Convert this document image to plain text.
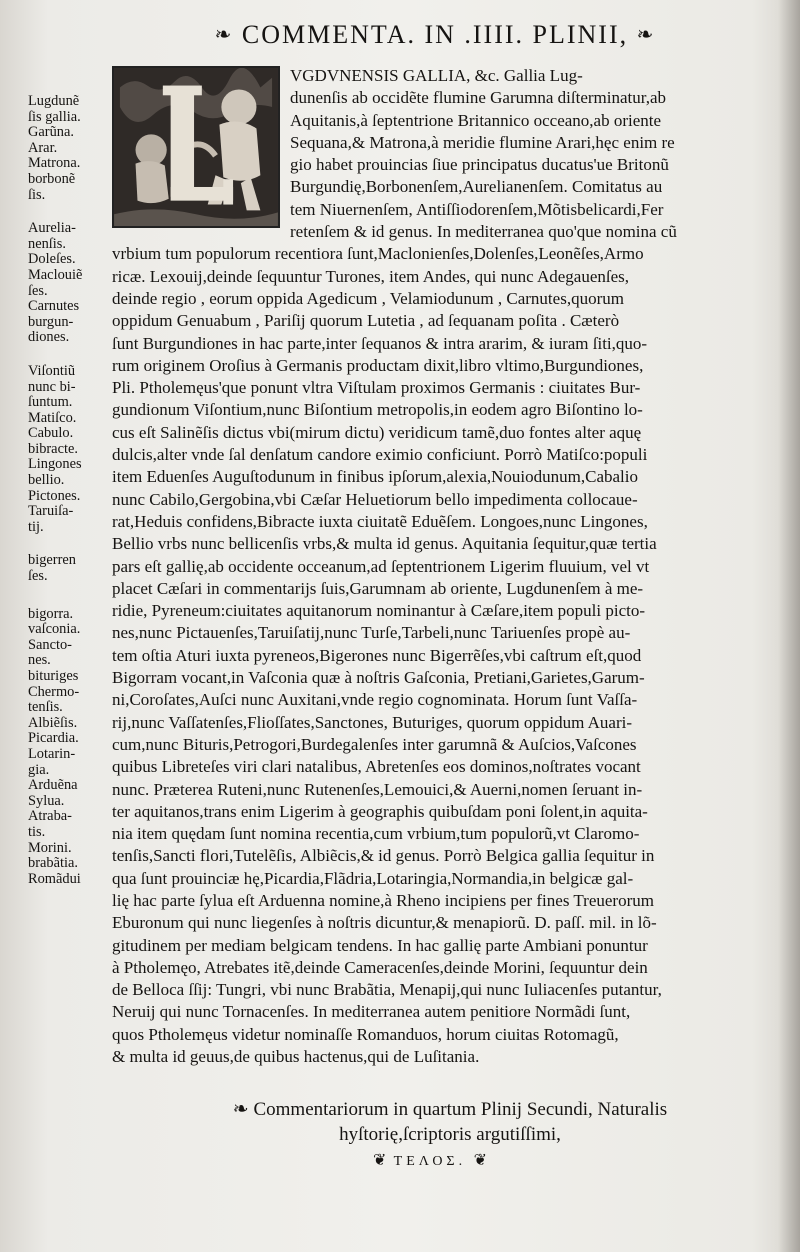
❧ COMMENTA. IN .IIII. PLINII, ❧
Lugdunẽ
ſis gallia.
Garũna.
Arar.
Matrona.
borbonẽ
ſis.
Aurelia-
nenſis.
Doleſes.
Maclouiẽ
ſes.
Carnutes
burgun-
diones.
Viſontiũ
nunc bi-
ſuntum.
Matiſco.
Cabulo.
bibracte.
Lingones
bellio.
Pictones.
Taruiſa-
tij.
bigerren
ſes.
bigorra.
vaſconia.
Sancto-
nes.
bituriges
Chermo-
tenſis.
Albiẽſis.
Picardia.
Lotarin-
gia.
Arduẽna
Sylua.
Atraba-
tis.
Morini.
brabãtia.
Romãdui
VGDVNENSIS GALLIA, &c. Gallia Lug-
dunenſis ab occidẽte flumine Garumna diſterminatur,ab
Aquitanis,à ſeptentrione Britannico occeano,ab oriente
Sequana,& Matrona,à meridie flumine Arari,hęc enim re
gio habet prouincias ſiue principatus ducatus'ue Britonũ
Burgundię,Borbonenſem,Aurelianenſem. Comitatus au
tem Niuernenſem, Antiſſiodorenſem,Mõtisbelicardi,Fer
retenſem & id genus. In mediterranea quo'que nomina cũ
vrbium tum populorum recentiora ſunt,Maclonienſes,Dolenſes,Leonẽſes,Armo
ricæ. Lexouij,deinde ſequuntur Turones, item Andes, qui nunc Adegauenſes,
deinde regio , eorum oppida Agedicum , Velamiodunum , Carnutes,quorum
oppidum Genuabum , Pariſij quorum Lutetia , ad ſequanam poſita . Cæterò
ſunt Burgundiones in hac parte,inter ſequanos & intra ararim, & iuram ſiti,quo-
rum originem Oroſius à Germanis productam dixit,libro vltimo,Burgundiones,
Pli. Ptholemęus'que ponunt vltra Viſtulam proximos Germanis : ciuitates Bur-
gundionum Viſontium,nunc Biſontium metropolis,in eodem agro Biſontino lo-
cus eſt Salinẽſis dictus vbi(mirum dictu) veridicum tamẽ,duo fontes alter aquę
dulcis,alter vnde ſal denſatum candore eximio conficiunt. Porrò Matiſco:populi
item Eduenſes Auguſtodunum in finibus ipſorum,alexia,Nouiodunum,Cabalio
nunc Cabilo,Gergobina,vbi Cæſar Heluetiorum bello impedimenta collocaue-
rat,Heduis confidens,Bibracte iuxta ciuitatẽ Eduẽſem. Longoes,nunc Lingones,
Bellio vrbs nunc bellicenſis vrbs,& multa id genus. Aquitania ſequitur,quæ tertia
pars eſt gallię,ab occidente occeanum,ad ſeptentrionem Ligerim fluuium, vel vt
placet Cæſari in commentarijs ſuis,Garumnam ab oriente, Lugdunenſem à me-
ridie, Pyreneum:ciuitates aquitanorum nominantur à Cæſare,item populi picto-
nes,nunc Pictauenſes,Taruiſatij,nunc Turſe,Tarbeli,nunc Tariuenſes propè au-
tem oſtia Aturi iuxta pyreneos,Bigerones nunc Bigerrẽſes,vbi caſtrum eſt,quod
Bigorram vocant,in Vaſconia quæ à noſtris Gaſconia, Pretiani,Garietes,Garum-
ni,Coroſates,Auſci nunc Auxitani,vnde regio cognominata. Horum ſunt Vaſſa-
rij,nunc Vaſſatenſes,Flioſſates,Sanctones, Buturiges, quorum oppidum Auari-
cum,nunc Bituris,Petrogori,Burdegalenſes inter garumnã & Auſcios,Vaſcones
quibus Libreteſes viri clari natalibus, Abretenſes eos dominos,noſtrates vocant
nunc. Præterea Ruteni,nunc Rutenenſes,Lemouici,& Auerni,nomen ſeruant in-
ter aquitanos,trans enim Ligerim à geographis quibuſdam poni ſolent,in aquita-
nia item quędam ſunt nomina recentia,cum vrbium,tum populorũ,vt Claromo-
tenſis,Sancti flori,Tutelẽſis, Albiẽcis,& id genus. Porrò Belgica gallia ſequitur in
qua ſunt prouinciæ hę,Picardia,Flãdria,Lotaringia,Normandia,in belgicæ gal-
lię hac parte ſylua eſt Arduenna nomine,à Rheno incipiens per fines Treuerorum
Eburonum qui nunc liegenſes à noſtris dicuntur,& menapiorũ. D. paſſ. mil. in lõ-
gitudinem per mediam belgicam tendens. In hac gallię parte Ambiani ponuntur
à Ptholemęo, Atrebates itẽ,deinde Cameracenſes,deinde Morini, ſequuntur dein
de Belloca ſſij: Tungri, vbi nunc Brabãtia, Menapij,qui nunc Iuliacenſes putantur,
Neruij qui nunc Tornacenſes. In mediterranea autem penitiore Normãdi ſunt,
quos Ptholemęus videtur nominaſſe Romanduos, horum ciuitas Rotomagũ,
& multa id geuus,de quibus hactenus,qui de Luſitania.
❧ Commentariorum in quartum Plinij Secundi, Naturalis
hyſtorię,ſcriptoris argutiſſimi,
❦ ΤΕΛΟΣ. ❦
